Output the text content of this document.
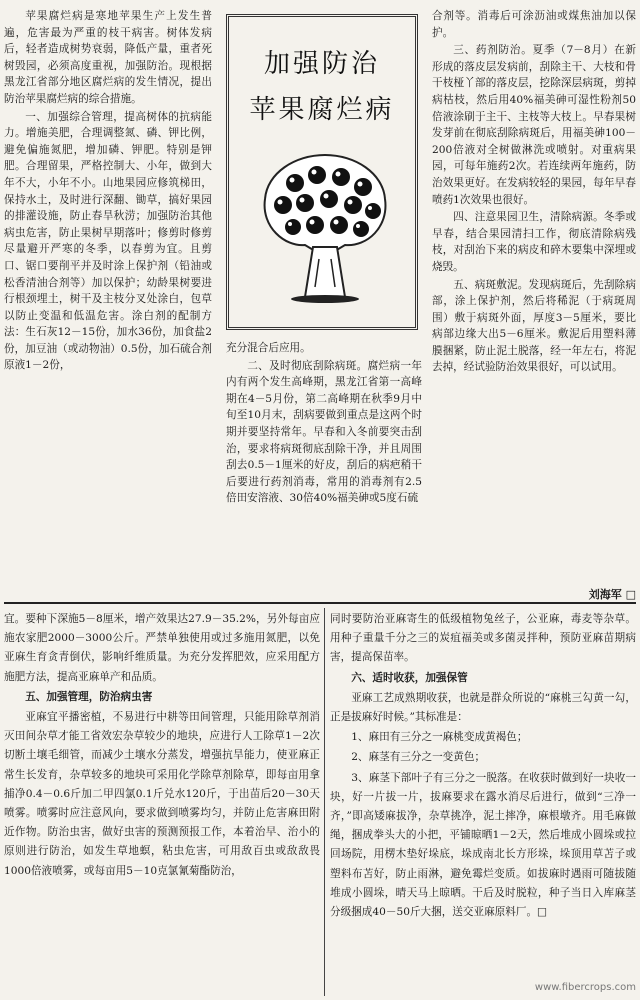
加强防治
苹果腐烂病

苹果腐烂病是寒地苹果生产上发生普遍，危害最为严重的枝干病害。树体发病后，轻者造成树势衰弱，降低产量，重者死树毁园，必须高度重视，加强防治。现根据黑龙江省部分地区腐烂病的发生情况，提出防治苹果腐烂病的综合措施。

一、加强综合管理，提高树体的抗病能力。增施美肥，合理调整氮、磷、钾比例，避免偏施氮肥，增加磷、钾肥。特别是钾肥。合理留果，严格控制大、小年，做到大年不大，小年不小。山地果园应修筑梯田，保持水土，及时进行深翻、锄草，搞好果园的排灌设施，防止春旱秋涝；加强防治其他病虫危害，防止果树早期落叶；修剪时修剪尽量避开严寒的冬季，以春剪为宜。且剪口、锯口要削平并及时涂上保护剂（铅油或松香清油合剂等）加以保护；幼龄果树要进行根颈埋土，树干及主枝分叉处涂白，包草以防止变温和低温危害。涂白剂的配制方法：生石灰12－15份，加水36份，加食盐2份，加豆油（或动物油）0.5份，加石硫合剂原液1－2份，

充分混合后应用。

二、及时彻底刮除病斑。腐烂病一年内有两个发生高峰期，黑龙江省第一高峰期在4－5月份，第二高峰期在秋季9月中旬至10月末，刮病要做到重点是这两个时期并要坚持常年。早春和入冬前要突击刮治，要求将病斑彻底刮除干净，并且周围刮去0.5－1厘米的好皮，刮后的病疤稍干后要进行药剂消毒，常用的消毒剂有2.5倍田安溶液、30倍40%福美砷或5度石硫

合剂等。消毒后可涂沥油或煤焦油加以保护。

三、药剂防治。夏季（7－8月）在新形成的落皮层发病前，刮除主干、大枝和骨干枝桠丫部的落皮层，挖除深层病斑，剪掉病枯枝，然后用40%福美砷可湿性粉剂50倍液涂刷于主干、主枝等大枝上。早春果树发芽前在彻底刮除病斑后，用福美砷100－200倍液对全树做淋洗或喷射。对重病果园，可每年施药2次。若连续两年施药，防治效果更好。在发病较轻的果园，每年早春喷药1次效果也很好。

四、注意果园卫生，清除病源。冬季或早春，结合果园清扫工作，彻底清除病残枝，对刮治下来的病皮和碎木要集中深埋或烧毁。

五、病斑敷泥。发现病斑后，先刮除病部，涂上保护剂，然后将稀泥（于病斑周围）敷于病斑外面，厚度3－5厘米，要比病部边缘大出5－6厘米。敷泥后用塑料薄膜捆紧，防止泥土脱落，经一年左右，将泥去掉，经试验防治效果很好，可以试用。

刘海军 □

宜。要种下深施5－8厘米，增产效果达27.9－35.2%，另外每亩应施农家肥2000－3000公斤。严禁单独使用或过多施用氮肥，以免亚麻生育贪青倒伏，影响纤维质量。为充分发挥肥效，应采用配方施肥方法，提高亚麻单产和品质。

五、加强管理，防治病虫害

亚麻宜平播密植，不易进行中耕等田间管理，只能用除草剂消灭田间杂草才能工省效宏杂草较少的地块，应进行人工除草1－2次切断土壤毛细管，而减少土壤水分蒸发，增强抗旱能力，使亚麻正常生长发育，杂草较多的地块可采用化学除草剂除草，即每亩用拿捕净0.4－0.6斤加二甲四氯0.1斤兑水120斤，于出苗后20－30天喷雾。喷雾时应注意风向，要求做到喷雾均匀，并防止危害麻田附近作物。防治虫害，做好虫害的预测预报工作，本着治早、治小的原则进行防治，如发生草地螟，粘虫危害，可用敌百虫或敌敌畏1000倍液喷雾，或每亩用5－10克氯氰菊酯防治，

同时要防治亚麻寄生的低级植物兔丝子，公亚麻，毒麦等杂草。用种子重量千分之三的炭疽福美或多菌灵拌种，预防亚麻苗期病害，提高保苗率。

六、适时收获，加强保管

亚麻工艺成熟期收获，也就是群众所说的“麻桃三勾黄一勾，正是拔麻好时候。”其标准是：

1、麻田有三分之一麻桃变成黄褐色；

2、麻茎有三分之一变黄色；

3、麻茎下部叶子有三分之一脱落。在收获时做到好一块收一块，好一片拔一片，拔麻要求在露水消尽后进行，做到“三净一齐，”即高矮麻拔净，杂草挑净，泥土摔净，麻根墩齐。用毛麻做绳，捆成拳头大的小把，平铺晾晒1－2天，然后堆成小圆垛或拉回场院，用楞木垫好垛底，垛成南北长方形垛，垛顶用草苫子或塑料布苫好，防止雨淋，避免霉烂变质。如拔麻时遇雨可随拔随堆成小圆垛，晴天马上晾晒。干后及时脱粒，种子当日入库麻茎分级捆成40－50斤大捆，送交亚麻原料厂。□

www.fibercrops.com
